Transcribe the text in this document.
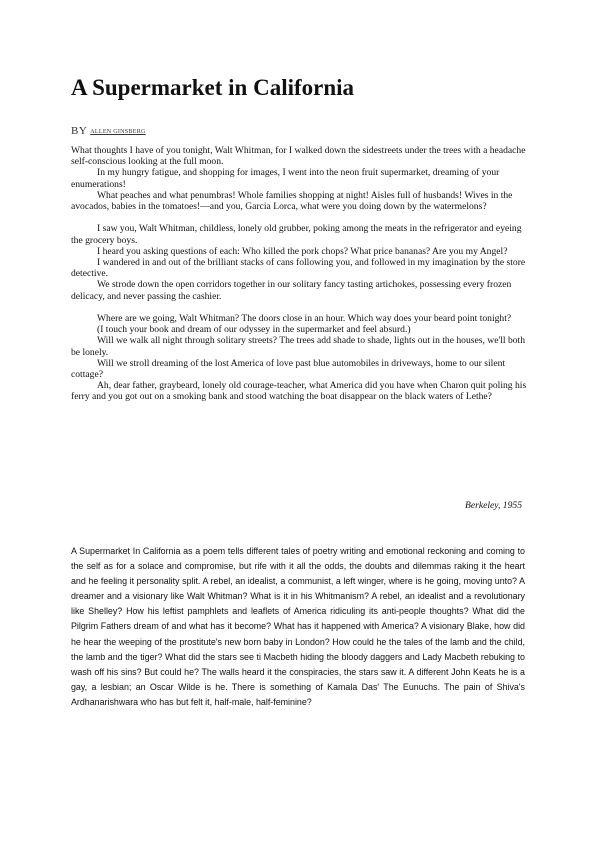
A Supermarket in California
BY ALLEN GINSBERG

What thoughts I have of you tonight, Walt Whitman, for I walked down the sidestreets under the trees with a headache self-conscious looking at the full moon.

In my hungry fatigue, and shopping for images, I went into the neon fruit supermarket, dreaming of your enumerations!

What peaches and what penumbras! Whole families shopping at night! Aisles full of husbands! Wives in the avocados, babies in the tomatoes!—and you, Garcia Lorca, what were you doing down by the watermelons?

I saw you, Walt Whitman, childless, lonely old grubber, poking among the meats in the refrigerator and eyeing the grocery boys.

I heard you asking questions of each: Who killed the pork chops? What price bananas? Are you my Angel?

I wandered in and out of the brilliant stacks of cans following you, and followed in my imagination by the store detective.

We strode down the open corridors together in our solitary fancy tasting artichokes, possessing every frozen delicacy, and never passing the cashier.

Where are we going, Walt Whitman? The doors close in an hour. Which way does your beard point tonight?

(I touch your book and dream of our odyssey in the supermarket and feel absurd.)

Will we walk all night through solitary streets? The trees add shade to shade, lights out in the houses, we'll both be lonely.

Will we stroll dreaming of the lost America of love past blue automobiles in driveways, home to our silent cottage?

Ah, dear father, graybeard, lonely old courage-teacher, what America did you have when Charon quit poling his ferry and you got out on a smoking bank and stood watching the boat disappear on the black waters of Lethe?

Berkeley, 1955

A Supermarket In California as a poem tells different tales of poetry writing and emotional reckoning and coming to the self as for a solace and compromise, but rife with it all the odds, the doubts and dilemmas raking it the heart and he feeling it personality split. A rebel, an idealist, a communist, a left winger, where is he going, moving unto? A dreamer and a visionary like Walt Whitman? What is it in his Whitmanism? A rebel, an idealist and a revolutionary like Shelley? How his leftist pamphlets and leaflets of America ridiculing its anti-people thoughts? What did the Pilgrim Fathers dream of and what has it become? What has it happened with America? A visionary Blake, how did he hear the weeping of the prostitute's new born baby in London? How could he the tales of the lamb and the child, the lamb and the tiger? What did the stars see ti Macbeth hiding the bloody daggers and Lady Macbeth rebuking to wash off his sins? But could he? The walls heard it the conspiracies, the stars saw it. A different John Keats he is a gay, a lesbian; an Oscar Wilde is he. There is something of Kamala Das' The Eunuchs. The pain of Shiva's Ardhanarishwara who has but felt it, half-male, half-feminine?
